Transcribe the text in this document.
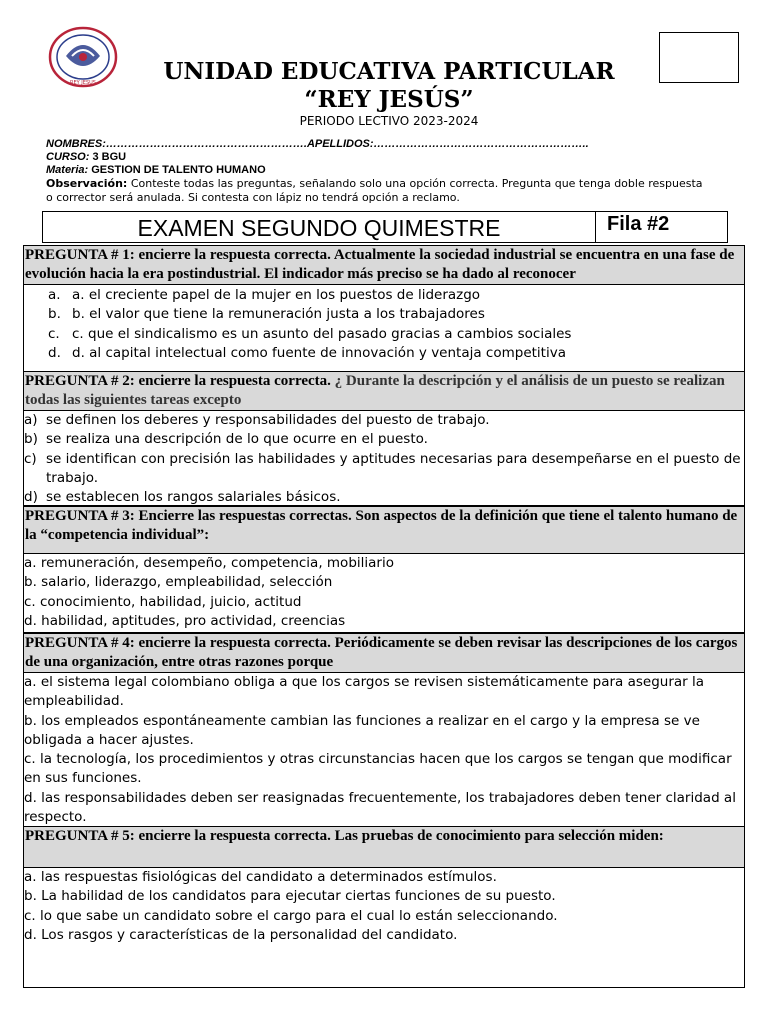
REY JESUS	UNIDAD EDUCATIVA PARTICULAR
“REY JESÚS”
PERIODO LECTIVO 2023-2024
NOMBRES:……………………………………………….APELLIDOS:…………………………………………………..
CURSO: 3 BGU
Materia: GESTION DE TALENTO HUMANO
Observación: Conteste todas las preguntas, señalando solo una opción correcta. Pregunta que tenga doble respuesta o corrector será anulada. Si contesta con lápiz no tendrá opción a reclamo.
EXAMEN SEGUNDO QUIMESTRE	Fila #2
PREGUNTA # 1: encierre la respuesta correcta. Actualmente la sociedad industrial se encuentra en una fase de evolución hacia la era postindustrial. El indicador más preciso se ha dado al reconocer
a. a. el creciente papel de la mujer en los puestos de liderazgo
b. b. el valor que tiene la remuneración justa a los trabajadores
c. c. que el sindicalismo es un asunto del pasado gracias a cambios sociales
d. d. al capital intelectual como fuente de innovación y ventaja competitiva
PREGUNTA # 2: encierre la respuesta correcta. ¿ Durante la descripción y el análisis de un puesto se realizan todas las siguientes tareas excepto
a) se definen los deberes y responsabilidades del puesto de trabajo.
b) se realiza una descripción de lo que ocurre en el puesto.
c) se identifican con precisión las habilidades y aptitudes necesarias para desempeñarse en el puesto de trabajo.
d) se establecen los rangos salariales básicos.
PREGUNTA # 3: Encierre las respuestas correctas. Son aspectos de la definición que tiene el talento humano de la “competencia individual”:
a. remuneración, desempeño, competencia, mobiliario
b. salario, liderazgo, empleabilidad, selección
c. conocimiento, habilidad, juicio, actitud
d. habilidad, aptitudes, pro actividad, creencias
PREGUNTA # 4: encierre la respuesta correcta. Periódicamente se deben revisar las descripciones de los cargos de una organización, entre otras razones porque
a. el sistema legal colombiano obliga a que los cargos se revisen sistemáticamente para asegurar la empleabilidad.
b. los empleados espontáneamente cambian las funciones a realizar en el cargo y la empresa se ve obligada a hacer ajustes.
c. la tecnología, los procedimientos y otras circunstancias hacen que los cargos se tengan que modificar en sus funciones.
d. las responsabilidades deben ser reasignadas frecuentemente, los trabajadores deben tener claridad al respecto.
PREGUNTA # 5: encierre la respuesta correcta. Las pruebas de conocimiento para selección miden:
a. las respuestas fisiológicas del candidato a determinados estímulos.
b. La habilidad de los candidatos para ejecutar ciertas funciones de su puesto.
c. lo que sabe un candidato sobre el cargo para el cual lo están seleccionando.
d. Los rasgos y características de la personalidad del candidato.
